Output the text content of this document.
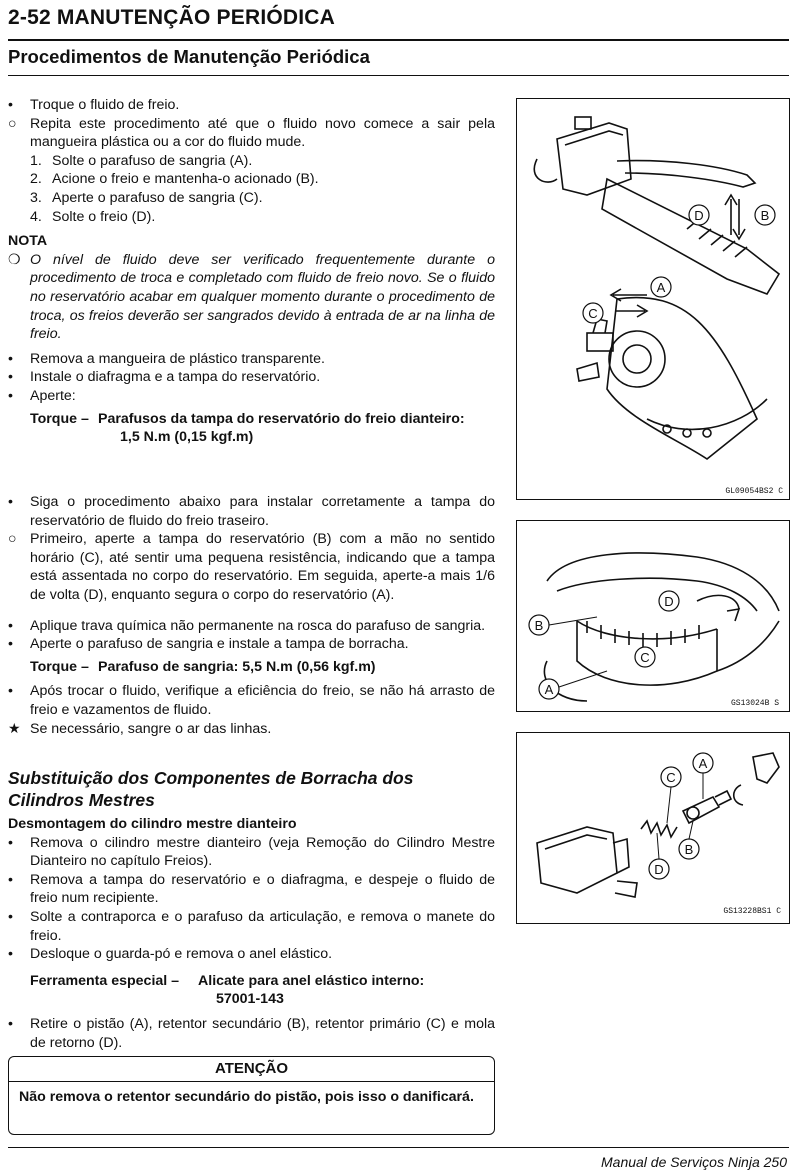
2-52 MANUTENÇÃO PERIÓDICA
Procedimentos de Manutenção Periódica
•	Troque o fluido de freio.
○ Repita este procedimento até que o fluido novo comece a sair pela mangueira plástica ou a cor do fluido mude.
1. Solte o parafuso de sangria (A).
2. Acione o freio e mantenha-o acionado (B).
3. Aperte o parafuso de sangria (C).
4. Solte o freio (D).
NOTA
❍ O nível de fluido deve ser verificado frequentemente durante o procedimento de troca e completado com fluido de freio novo. Se o fluido no reservatório acabar em qualquer momento durante o procedimento de troca, os freios deverão ser sangrados devido à entrada de ar na linha de freio.
•	Remova a mangueira de plástico transparente.
•	Instale o diafragma e a tampa do reservatório.
•	Aperte:
Torque – Parafusos da tampa do reservatório do freio dianteiro:
1,5 N.m (0,15 kgf.m)
•	Siga o procedimento abaixo para instalar corretamente a tampa do reservatório de fluido do freio traseiro.
○ Primeiro, aperte a tampa do reservatório (B) com a mão no sentido horário (C), até sentir uma pequena resistência, indicando que a tampa está assentada no corpo do reservatório. Em seguida, aperte-a mais 1/6 de volta (D), enquanto segura o corpo do reservatório (A).
•	Aplique trava química não permanente na rosca do parafuso de sangria.
•	Aperte o parafuso de sangria e instale a tampa de borracha.
Torque – Parafuso de sangria: 5,5 N.m (0,56 kgf.m)
•	Após trocar o fluido, verifique a eficiência do freio, se não há arrasto de freio e vazamentos de fluido.
★ Se necessário, sangre o ar das linhas.
Substituição dos Componentes de Borracha dos Cilindros Mestres
Desmontagem do cilindro mestre dianteiro
•	Remova o cilindro mestre dianteiro (veja Remoção do Cilindro Mestre Dianteiro no capítulo Freios).
•	Remova a tampa do reservatório e o diafragma, e despeje o fluido de freio num recipiente.
•	Solte a contraporca e o parafuso da articulação, e remova o manete do freio.
•	Desloque o guarda-pó e remova o anel elástico.
Ferramenta especial –	Alicate para anel elástico interno:
57001-143
•	Retire o pistão (A), retentor secundário (B), retentor primário (C) e mola de retorno (D).
ATENÇÃO
Não remova o retentor secundário do pistão, pois isso o danificará.
D	B
A
C
GL09054BS2 C
B
D
C
A
GS13024B S
C
A
B
D
GS13228BS1 C
Manual de Serviços Ninja 250
